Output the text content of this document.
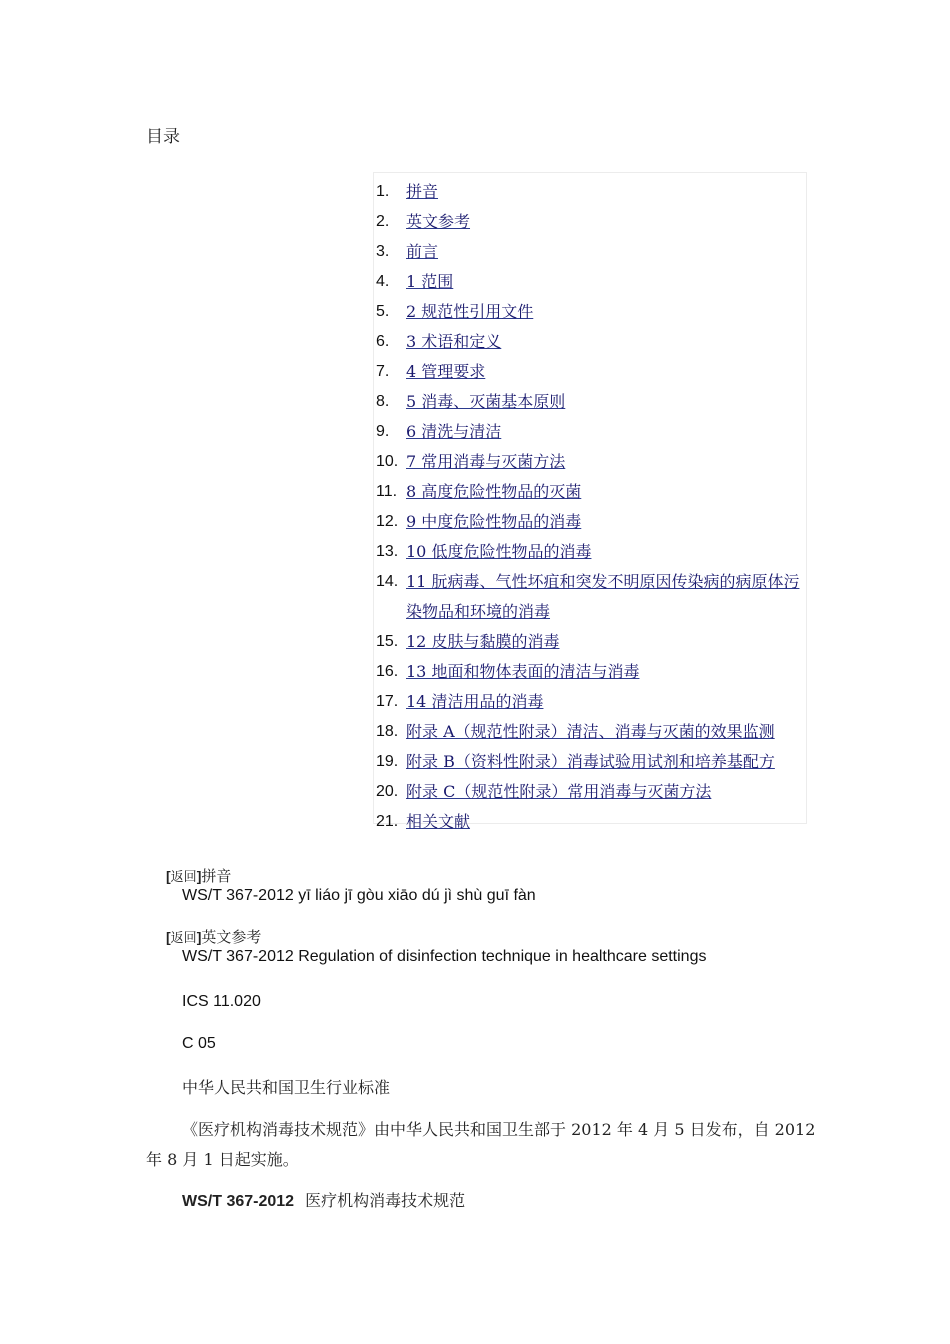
目录
1.	拼音
2.	英文参考
3.	前言
4.	1 范围
5.	2 规范性引用文件
6.	3 术语和定义
7.	4 管理要求
8.	5 消毒、灭菌基本原则
9.	6 清洗与清洁
10. 7 常用消毒与灭菌方法
11. 8 高度危险性物品的灭菌
12. 9 中度危险性物品的消毒
13. 10 低度危险性物品的消毒
14. 11 朊病毒、气性坏疽和突发不明原因传染病的病原体污染物品和环境的消毒
15. 12 皮肤与黏膜的消毒
16. 13 地面和物体表面的清洁与消毒
17. 14 清洁用品的消毒
18. 附录 A（规范性附录）清洁、消毒与灭菌的效果监测
19. 附录 B（资料性附录）消毒试验用试剂和培养基配方
20. 附录 C（规范性附录）常用消毒与灭菌方法
21. 相关文献
[返回]拼音
WS/T 367-2012 yī liáo jī gòu xiāo dú jì shù guī fàn
[返回]英文参考
WS/T 367-2012 Regulation of disinfection technique in healthcare settings
ICS 11.020
C 05
中华人民共和国卫生行业标准
《医疗机构消毒技术规范》由中华人民共和国卫生部于 2012 年 4 月 5 日发布，自 2012
年 8 月 1 日起实施。
WS/T 367-2012 医疗机构消毒技术规范
